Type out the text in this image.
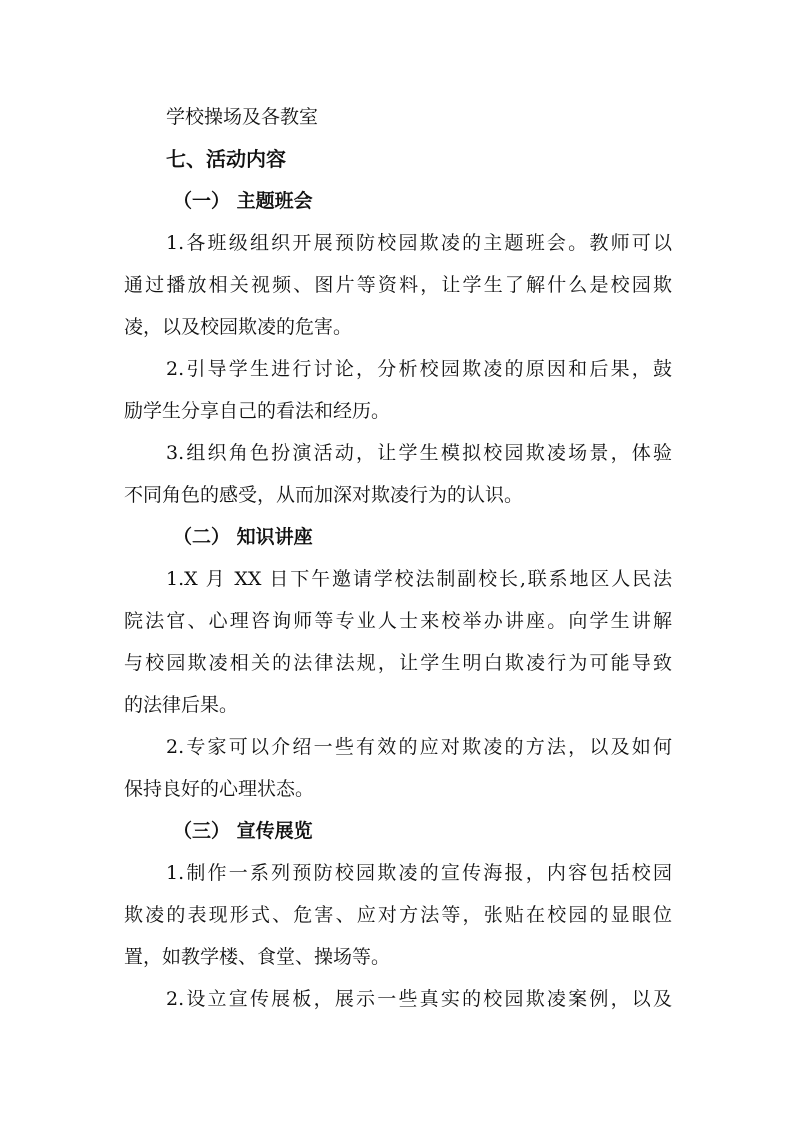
学校操场及各教室
七、活动内容
（一） 主题班会
1.各班级组织开展预防校园欺凌的主题班会。教师可以
通过播放相关视频、图片等资料，让学生了解什么是校园欺
凌，以及校园欺凌的危害。
2.引导学生进行讨论，分析校园欺凌的原因和后果，鼓
励学生分享自己的看法和经历。
3.组织角色扮演活动，让学生模拟校园欺凌场景，体验
不同角色的感受，从而加深对欺凌行为的认识。
（二） 知识讲座
1.X 月 XX 日下午邀请学校法制副校长,联系地区人民法
院法官、心理咨询师等专业人士来校举办讲座。向学生讲解
与校园欺凌相关的法律法规，让学生明白欺凌行为可能导致
的法律后果。
2.专家可以介绍一些有效的应对欺凌的方法，以及如何
保持良好的心理状态。
（三） 宣传展览
1.制作一系列预防校园欺凌的宣传海报，内容包括校园
欺凌的表现形式、危害、应对方法等，张贴在校园的显眼位
置，如教学楼、食堂、操场等。
2.设立宣传展板，展示一些真实的校园欺凌案例，以及
